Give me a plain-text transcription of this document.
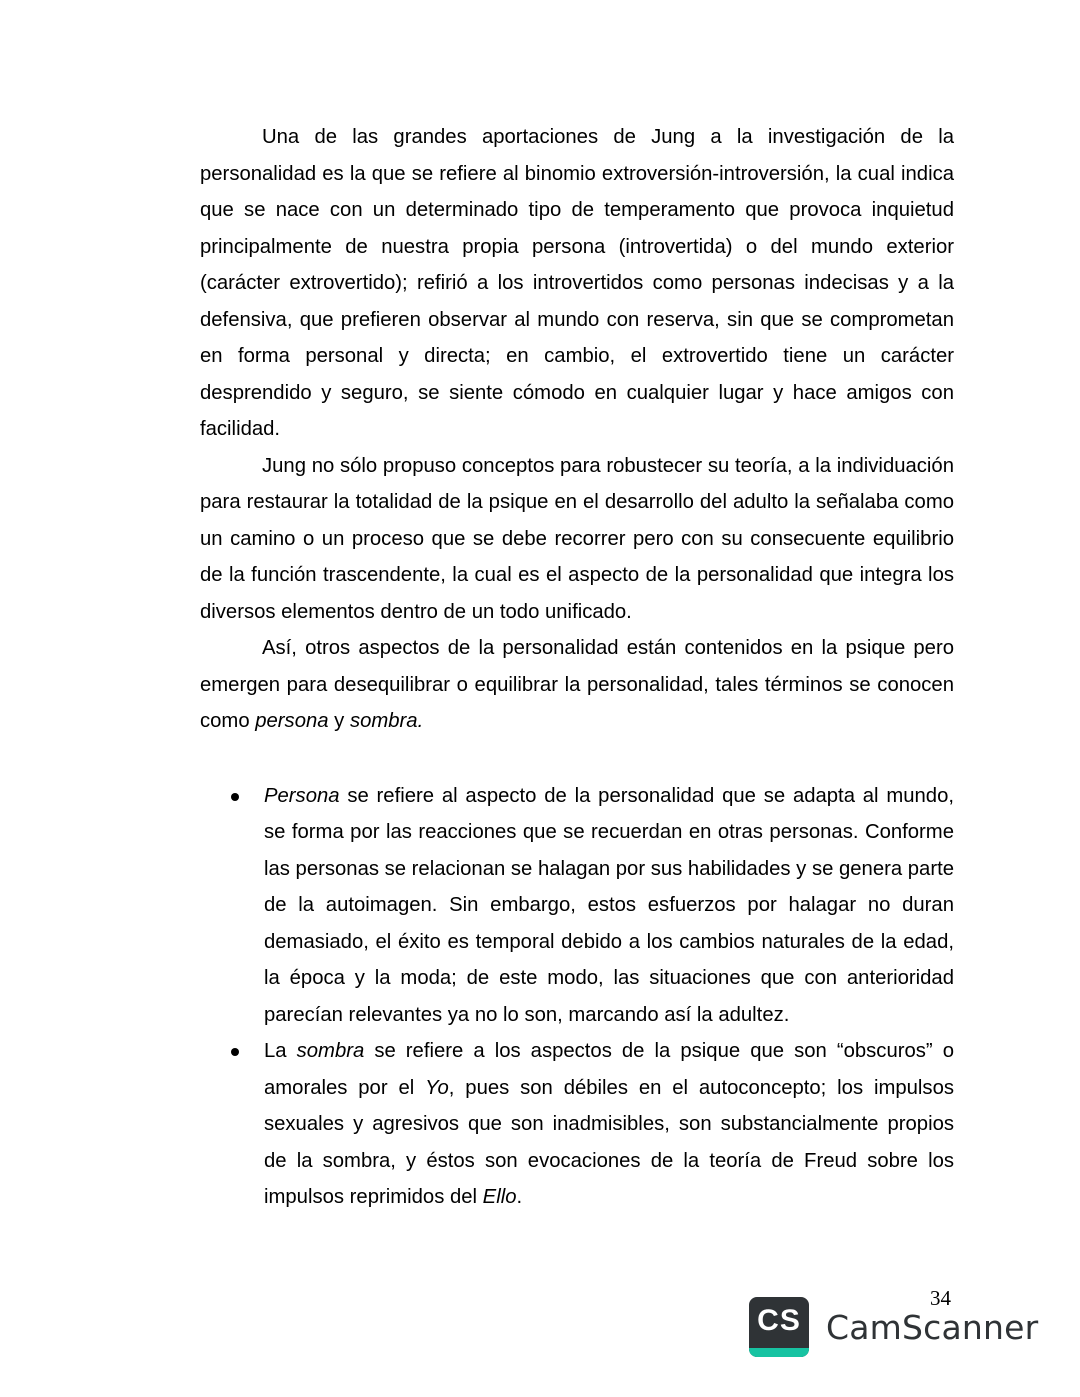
Una de las grandes aportaciones de Jung a la investigación de la personalidad es la que se refiere al binomio extroversión-introversión, la cual indica que se nace con un determinado tipo de temperamento que provoca inquietud principalmente de nuestra propia persona (introvertida) o del mundo exterior (carácter extrovertido); refirió a los introvertidos como personas indecisas y a la defensiva, que prefieren observar al mundo con reserva, sin que se comprometan en forma personal y directa; en cambio, el extrovertido tiene un carácter desprendido y seguro, se siente cómodo en cualquier lugar y hace amigos con facilidad.

Jung no sólo propuso conceptos para robustecer su teoría, a la individuación para restaurar la totalidad de la psique en el desarrollo del adulto la señalaba como un camino o un proceso que se debe recorrer pero con su consecuente equilibrio de la función trascendente, la cual es el aspecto de la personalidad que integra los diversos elementos dentro de un todo unificado.

Así, otros aspectos de la personalidad están contenidos en la psique pero emergen para desequilibrar o equilibrar la personalidad, tales términos se conocen como persona y sombra.

Persona se refiere al aspecto de la personalidad que se adapta al mundo, se forma por las reacciones que se recuerdan en otras personas. Conforme las personas se relacionan se halagan por sus habilidades y se genera parte de la autoimagen. Sin embargo, estos esfuerzos por halagar no duran demasiado, el éxito es temporal debido a los cambios naturales de la edad, la época y la moda; de este modo, las situaciones que con anterioridad parecían relevantes ya no lo son, marcando así la adultez.
La sombra se refiere a los aspectos de la psique que son “obscuros” o amorales por el Yo, pues son débiles en el autoconcepto; los impulsos sexuales y agresivos que son inadmisibles, son substancialmente propios de la sombra, y éstos son evocaciones de la teoría de Freud sobre los impulsos reprimidos del Ello.
34
CS CamScanner
